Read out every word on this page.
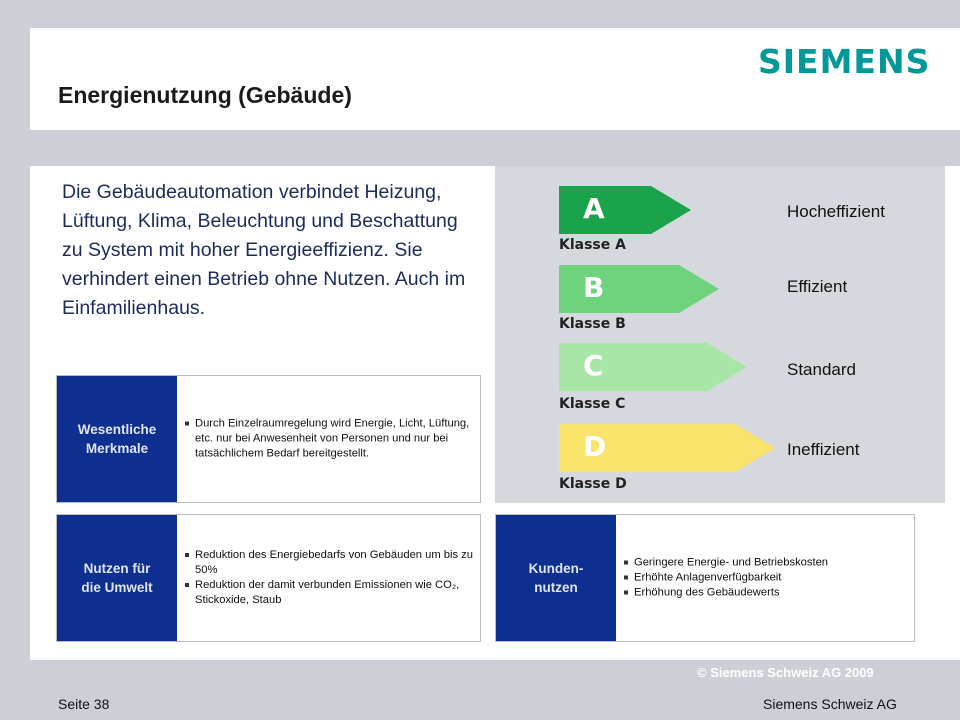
Energienutzung (Gebäude)
SIEMENS

Die Gebäudeautomation verbindet Heizung, Lüftung, Klima, Beleuchtung und Beschattung zu System mit hoher Energieeffizienz. Sie verhindert einen Betrieb ohne Nutzen. Auch im Einfamilienhaus.

A
Klasse A
Hocheffizient
B
Klasse B
Effizient
C
Klasse C
Standard
D
Klasse D
Ineffizient
Wesentliche
Merkmale
Durch Einzelraumregelung wird Energie, Licht, Lüftung, etc. nur bei Anwesenheit von Personen und nur bei tatsächlichem Bedarf bereitgestellt.
Nutzen für
die Umwelt
Reduktion des Energiebedarfs von Gebäuden um bis zu 50%
Reduktion der damit verbunden Emissionen wie CO₂, Stickoxide, Staub
Kunden-
nutzen
Geringere Energie- und Betriebskosten
Erhöhte Anlagenverfügbarkeit
Erhöhung des Gebäudewerts
© Siemens Schweiz AG 2009
Seite 38	Siemens Schweiz AG
